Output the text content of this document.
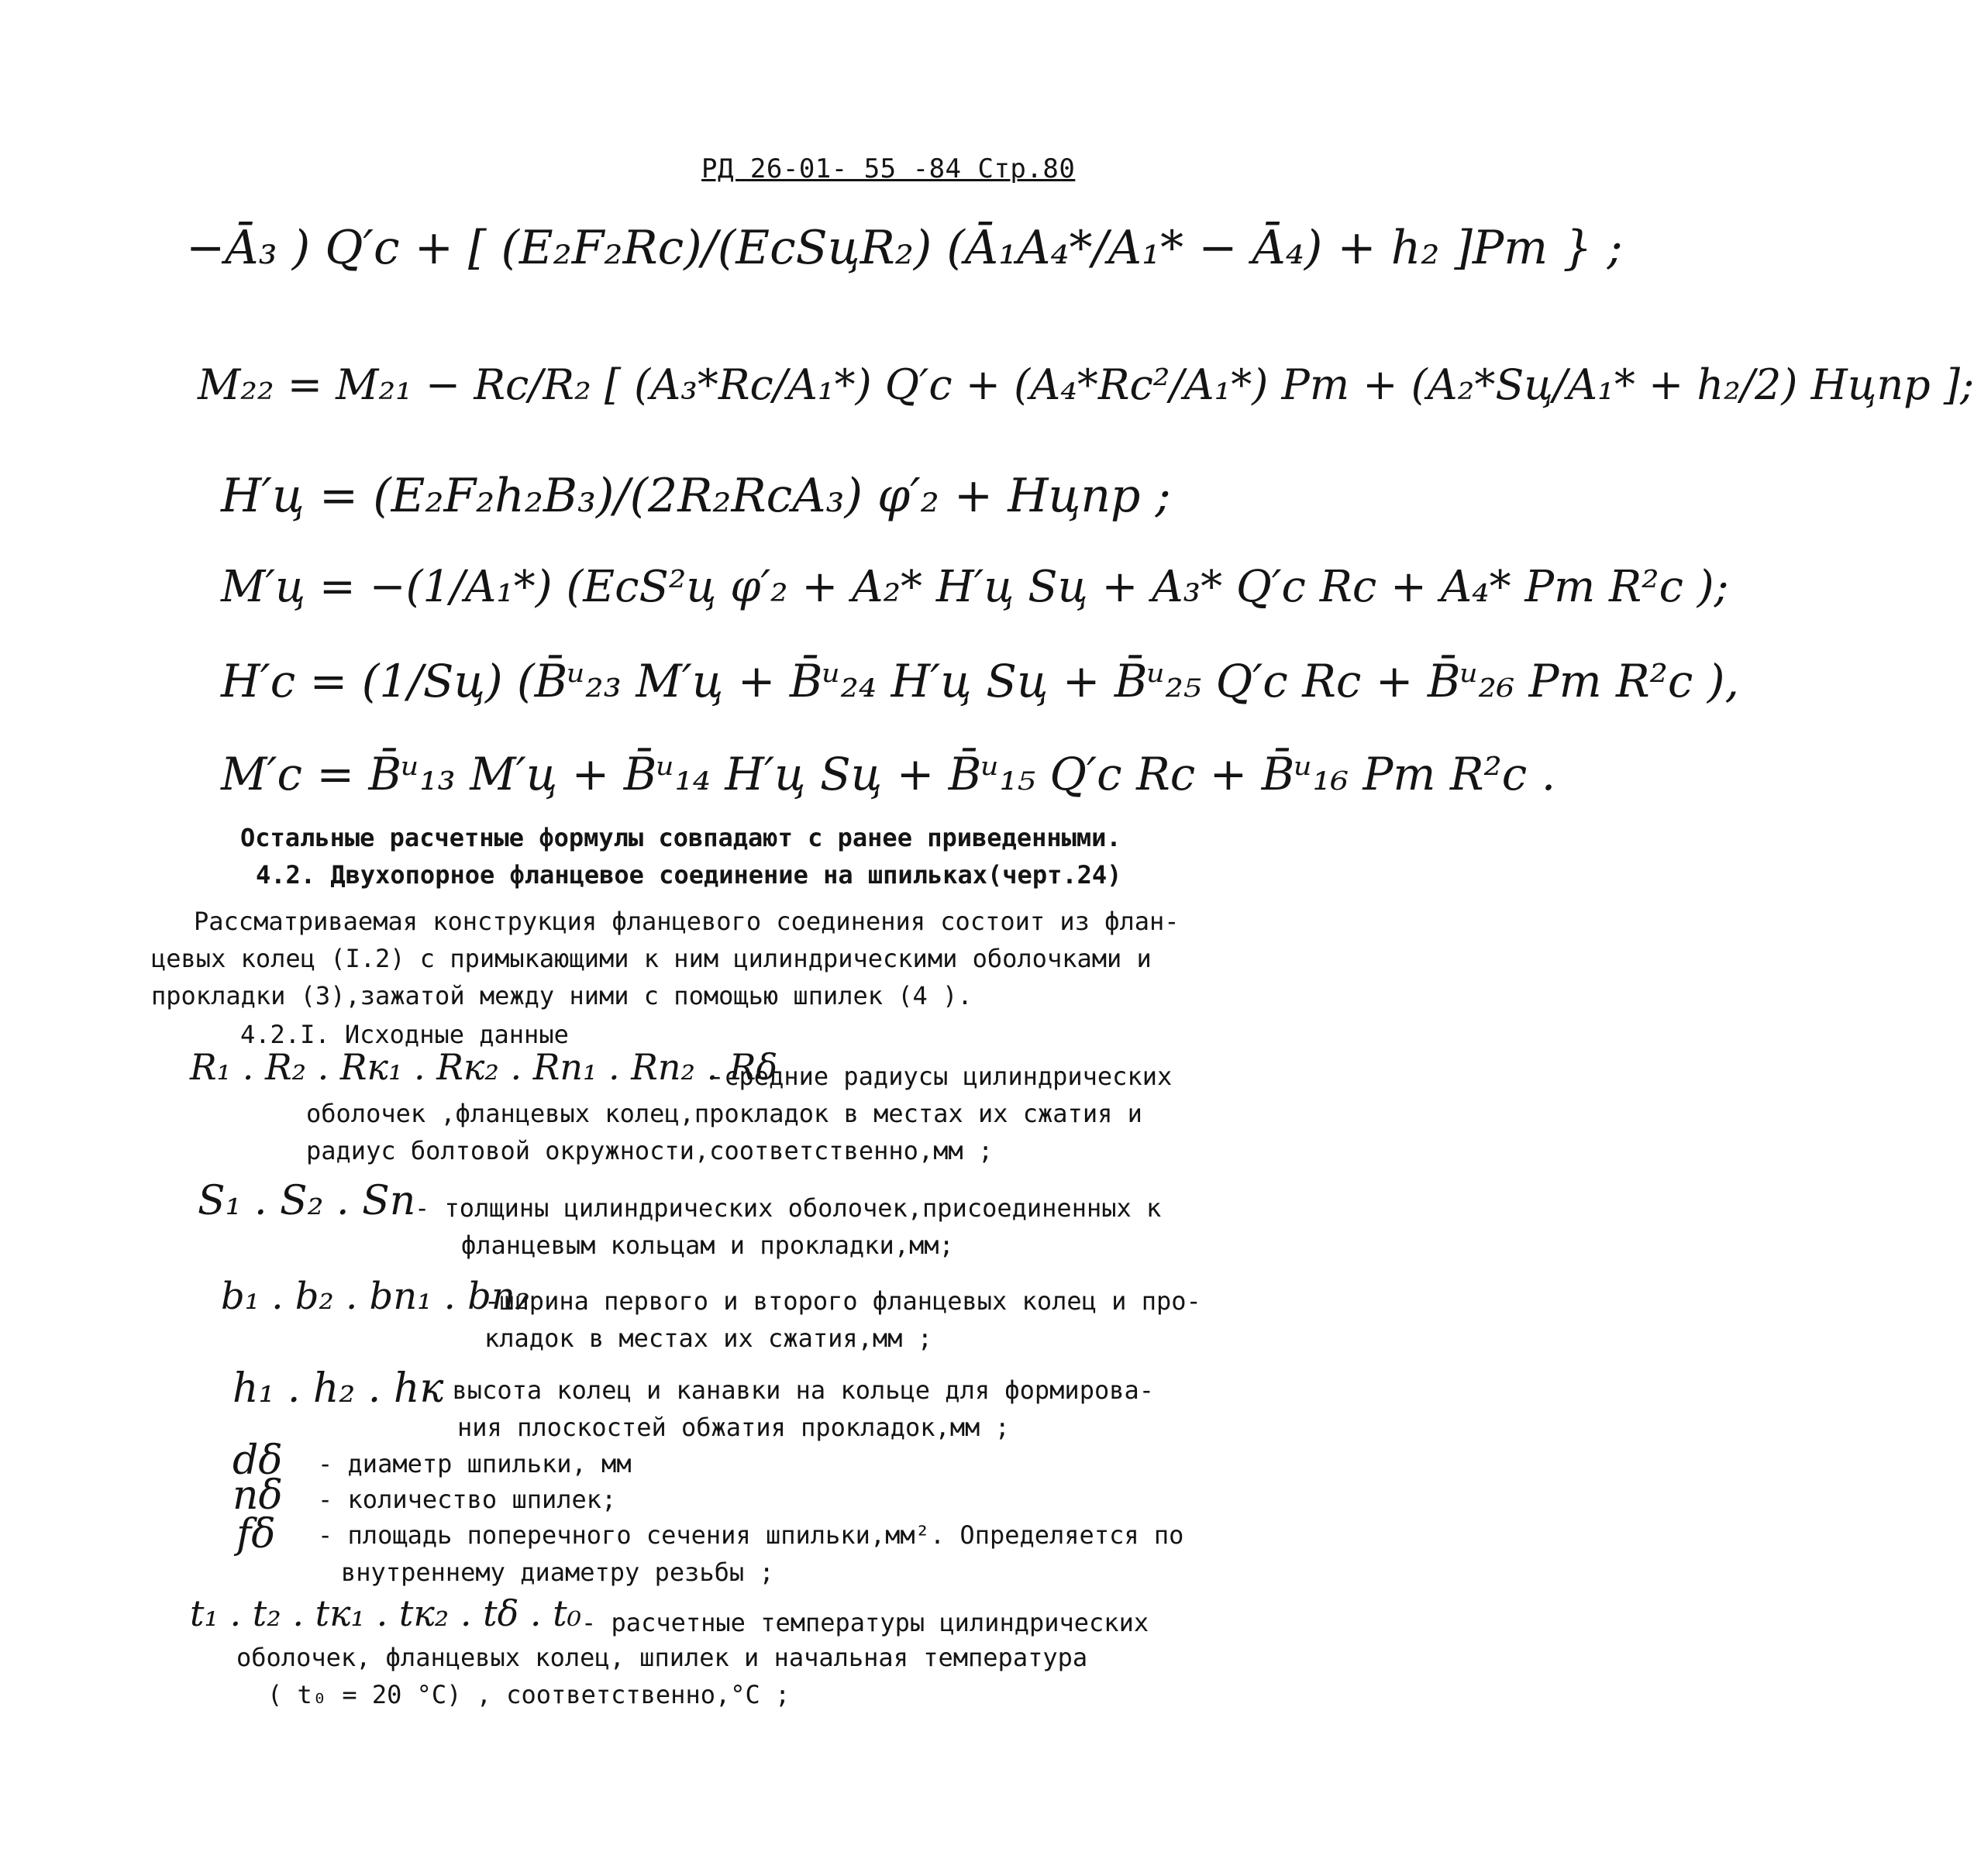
РД 26-01- 55 -84 Стр.80
−Ā₃ ) Q′c + [ (E₂F₂Rc)/(EcSцR₂) (Ā₁A₄*/A₁* − Ā₄) + h₂ ]Pт } ;
M₂₂ = M₂₁ − Rc/R₂ [ (A₃*Rc/A₁*) Q′c + (A₄*Rc²/A₁*) Pт + (A₂*Sц/A₁* + h₂/2) Hцпр ];
H′ц = (E₂F₂h₂B₃)/(2R₂RcA₃) φ′₂ + Hцпр ;
M′ц = −(1/A₁*) (EcS²ц φ′₂ + A₂* H′ц Sц + A₃* Q′c Rc + A₄* Pт R²c );
H′c = (1/Sц) (B̄ᵘ₂₃ M′ц + B̄ᵘ₂₄ H′ц Sц + B̄ᵘ₂₅ Q′c Rc + B̄ᵘ₂₆ Pт R²c ),
M′c = B̄ᵘ₁₃ M′ц + B̄ᵘ₁₄ H′ц Sц + B̄ᵘ₁₅ Q′c Rc + B̄ᵘ₁₆ Pт R²c .
Остальные расчетные формулы совпадают с ранее приведенными.
4.2. Двухопорное фланцевое соединение на шпильках(черт.24)
Рассматриваемая конструкция фланцевого соединения состоит из флан-
цевых колец (I.2) с примыкающими к ним цилиндрическими оболочками и
прокладки (3),зажатой между ними с помощью шпилек (4 ).
4.2.I. Исходные данные
R₁ . R₂ . Rк₁ . Rк₂ . Rп₁ . Rп₂ . Rδ
-средние радиусы цилиндрических
оболочек ,фланцевых колец,прокладок в местах их сжатия и
радиус болтовой окружности,соответственно,мм ;
S₁ . S₂ . Sп
- толщины цилиндрических оболочек,присоединенных к
фланцевым кольцам и прокладки,мм;
b₁ . b₂ . bп₁ . bп₂
-ширина первого и второго фланцевых колец и про-
кладок в местах их сжатия,мм ;
h₁ . h₂ . hк
- высота колец и канавки на кольце для формирова-
ния плоскостей обжатия прокладок,мм ;
dδ - диаметр шпильки, мм
nδ - количество шпилек;
fδ - площадь поперечного сечения шпильки,мм². Определяется по
внутреннему диаметру резьбы ;
t₁ . t₂ . tк₁ . tк₂ . tδ . t₀ - расчетные температуры цилиндрических
оболочек, фланцевых колец, шпилек и начальная температура
( t₀ = 20 °C) , соответственно,°C ;
